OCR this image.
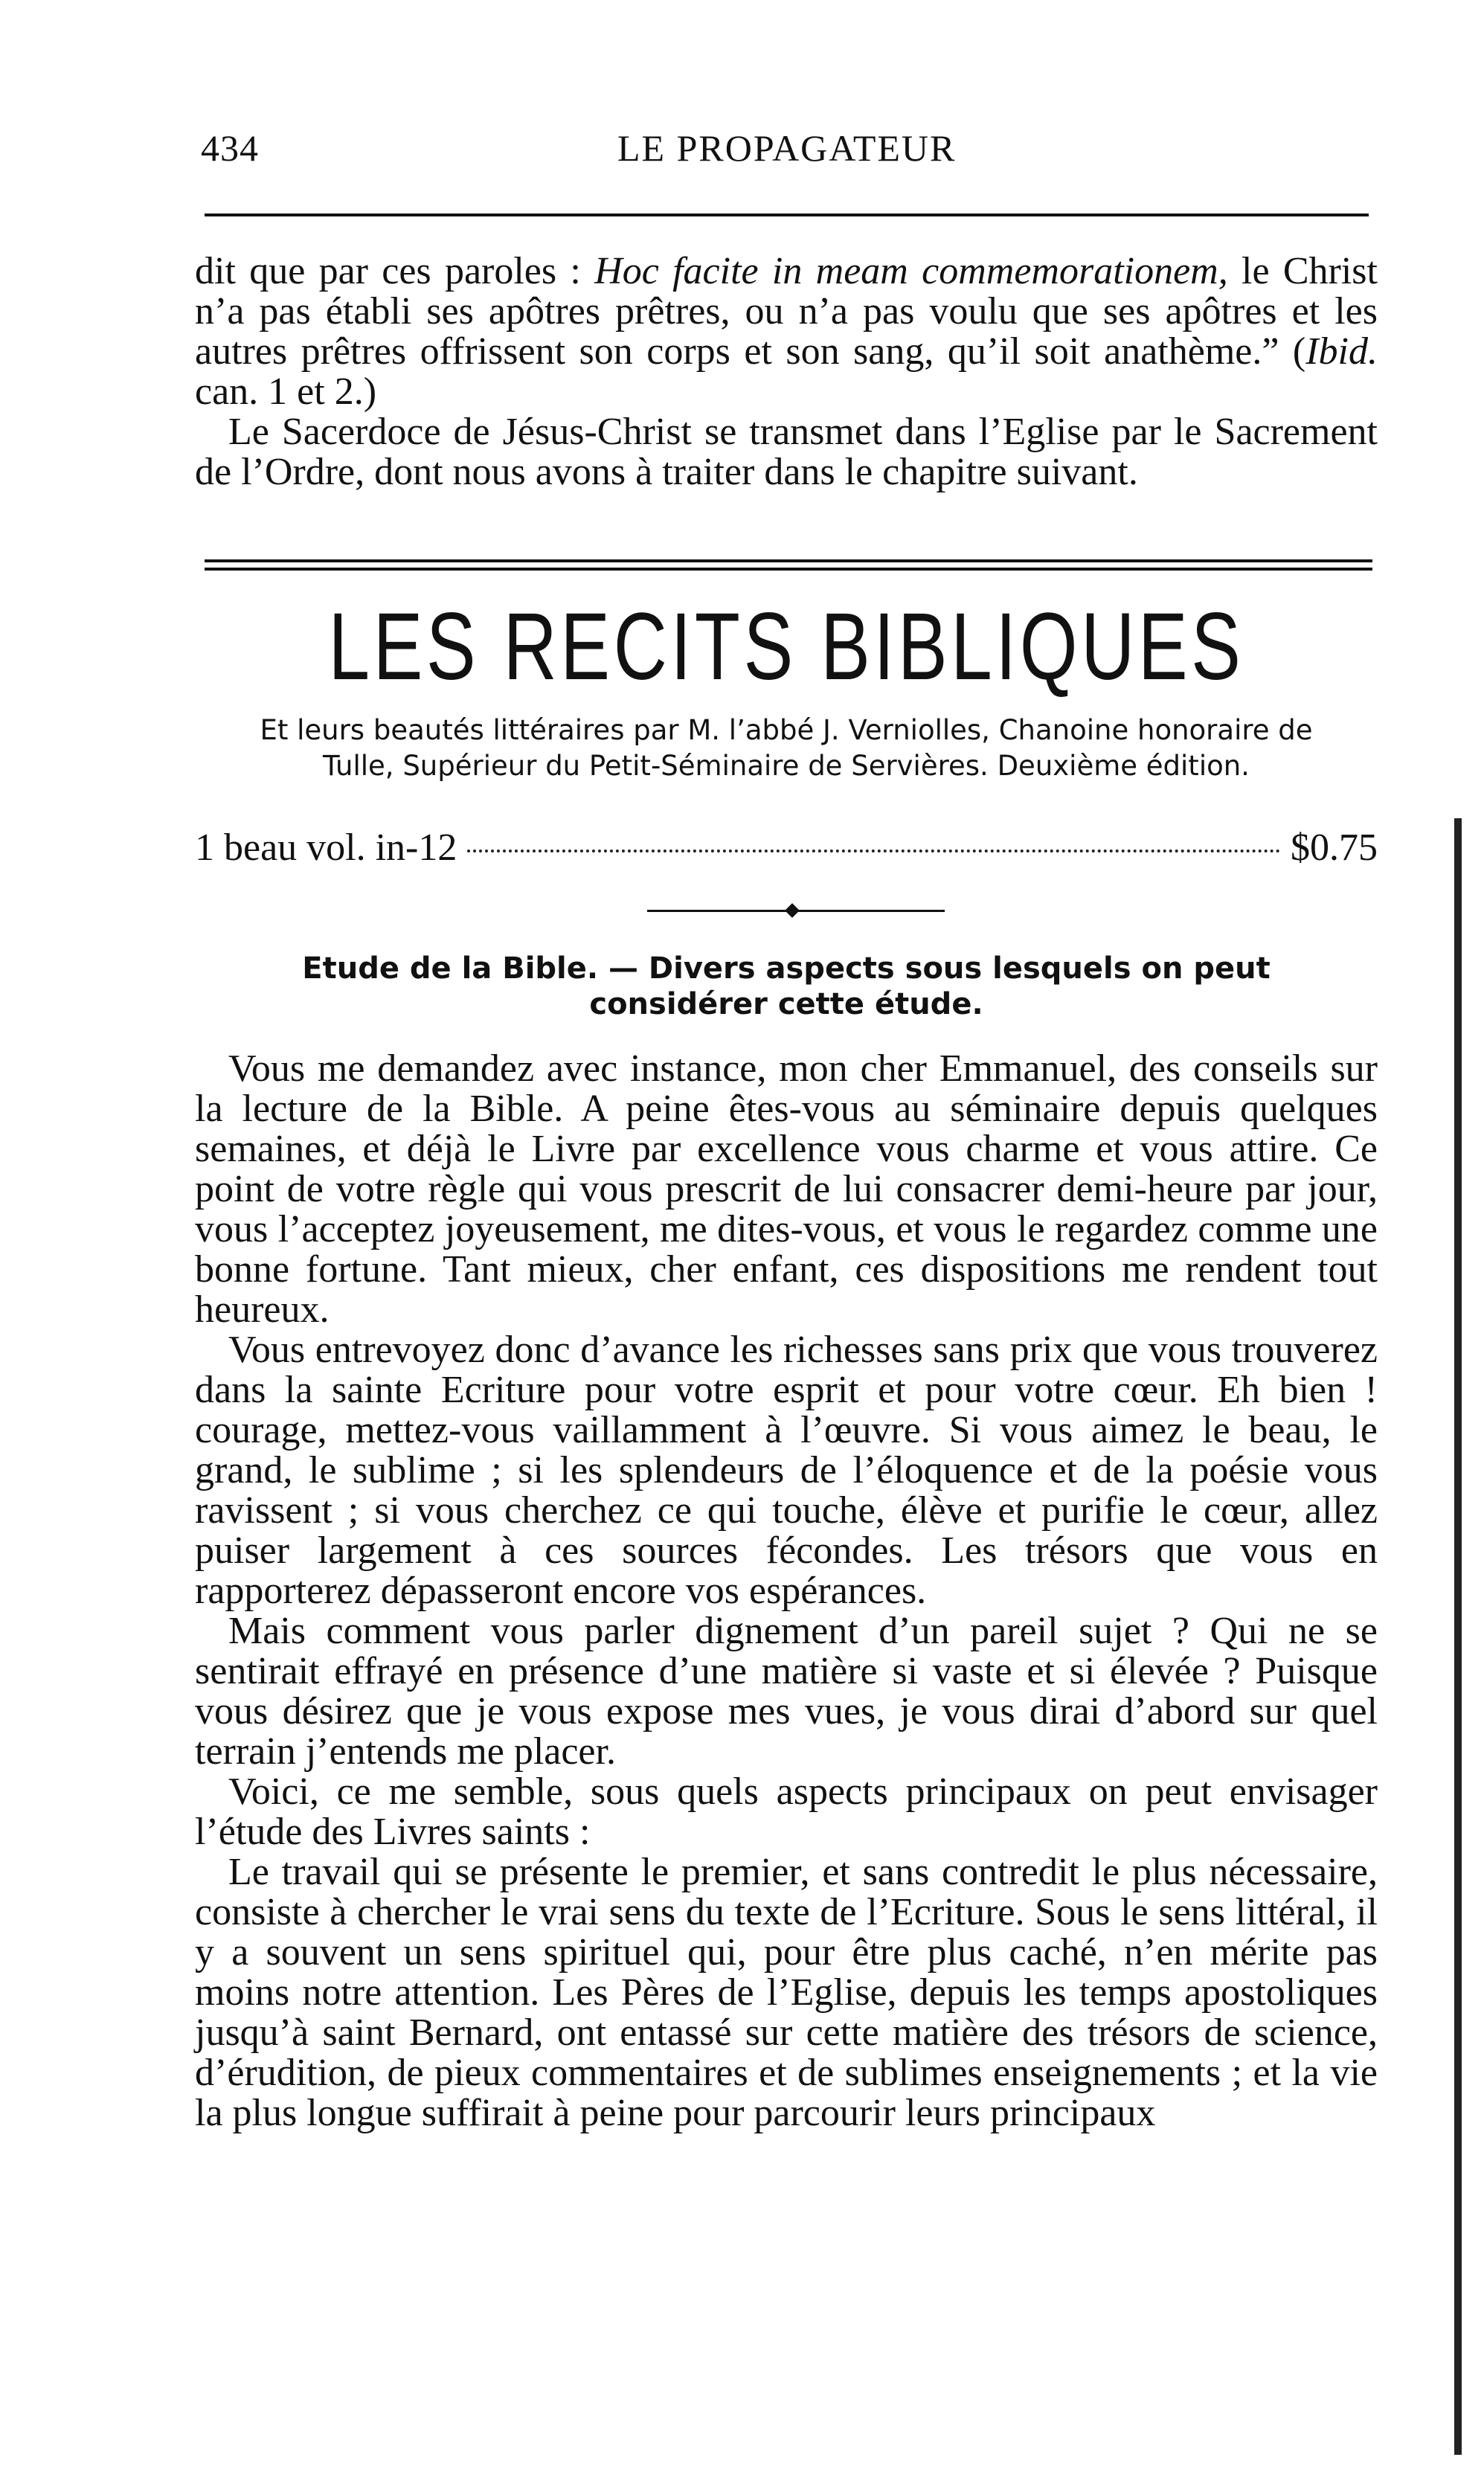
434	LE PROPAGATEUR

dit que par ces paroles : Hoc facite in meam commemorationem, le Christ n’a pas établi ses apôtres prêtres, ou n’a pas voulu que ses apôtres et les autres prêtres offrissent son corps et son sang, qu’il soit anathème.” (Ibid. can. 1 et 2.)

Le Sacerdoce de Jésus-Christ se transmet dans l’Eglise par le Sacrement de l’Ordre, dont nous avons à traiter dans le chapitre suivant.

LES RECITS BIBLIQUES
Et leurs beautés littéraires par M. l’abbé J. Verniolles, Chanoine honoraire de
Tulle, Supérieur du Petit-Séminaire de Servières. Deuxième édition.
1 beau vol. in-12	$0.75
Etude de la Bible. — Divers aspects sous lesquels on peut
considérer cette étude.

Vous me demandez avec instance, mon cher Emmanuel, des conseils sur la lecture de la Bible. A peine êtes-vous au séminaire depuis quelques semaines, et déjà le Livre par excellence vous charme et vous attire. Ce point de votre règle qui vous prescrit de lui consacrer demi-heure par jour, vous l’acceptez joyeusement, me dites-vous, et vous le regardez comme une bonne fortune. Tant mieux, cher enfant, ces dispositions me rendent tout heureux.

Vous entrevoyez donc d’avance les richesses sans prix que vous trouverez dans la sainte Ecriture pour votre esprit et pour votre cœur. Eh bien ! courage, mettez-vous vaillamment à l’œuvre. Si vous aimez le beau, le grand, le sublime ; si les splendeurs de l’éloquence et de la poésie vous ravissent ; si vous cherchez ce qui touche, élève et purifie le cœur, allez puiser largement à ces sources fécondes. Les trésors que vous en rapporterez dépasseront encore vos espérances.

Mais comment vous parler dignement d’un pareil sujet ? Qui ne se sentirait effrayé en présence d’une matière si vaste et si élevée ? Puisque vous désirez que je vous expose mes vues, je vous dirai d’abord sur quel terrain j’entends me placer.

Voici, ce me semble, sous quels aspects principaux on peut envisager l’étude des Livres saints :

Le travail qui se présente le premier, et sans contredit le plus nécessaire, consiste à chercher le vrai sens du texte de l’Ecriture. Sous le sens littéral, il y a souvent un sens spirituel qui, pour être plus caché, n’en mérite pas moins notre attention. Les Pères de l’Eglise, depuis les temps apostoliques jusqu’à saint Bernard, ont entassé sur cette matière des trésors de science, d’érudition, de pieux commentaires et de sublimes enseignements ; et la vie la plus longue suffirait à peine pour parcourir leurs principaux
